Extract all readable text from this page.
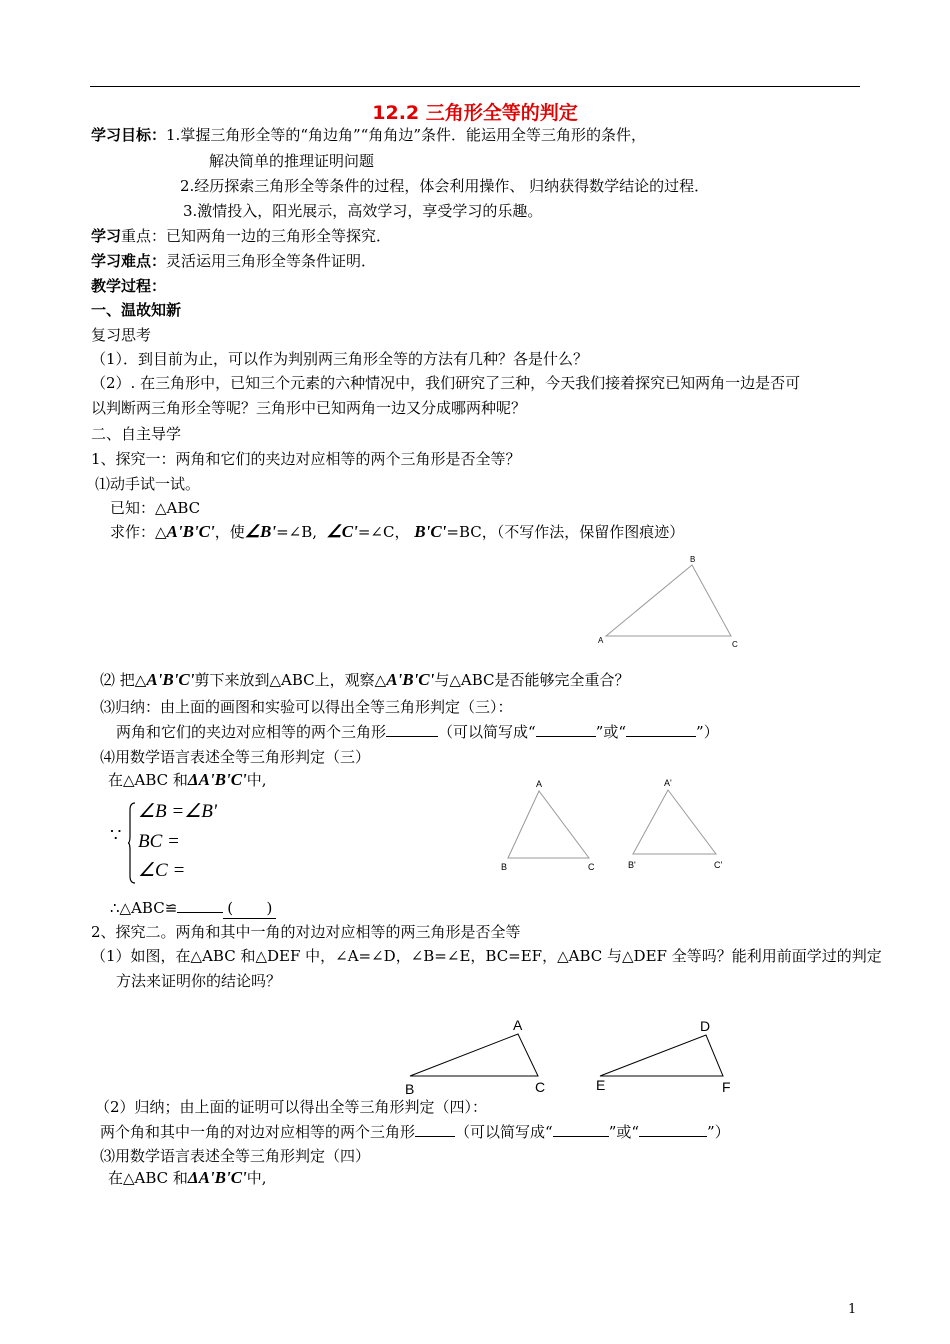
12.2 三角形全等的判定
学习目标：1.掌握三角形全等的“角边角”“角角边”条件．能运用全等三角形的条件，
解决简单的推理证明问题
2.经历探索三角形全等条件的过程，体会利用操作、 归纳获得数学结论的过程．
3.激情投入，阳光展示，高效学习，享受学习的乐趣。
学习重点：已知两角一边的三角形全等探究．
学习难点：灵活运用三角形全等条件证明．
教学过程：
一、温故知新
复习思考
（1）．到目前为止，可以作为判别两三角形全等的方法有几种？各是什么？
（2）. 在三角形中，已知三个元素的六种情况中，我们研究了三种，今天我们接着探究已知两角一边是否可
以判断两三角形全等呢？三角形中已知两角一边又分成哪两种呢？
二、自主导学
1、探究一：两角和它们的夹边对应相等的两个三角形是否全等？
⑴动手试一试。
已知：△ABC
求作：△A'B'C'，使∠B'=∠B, ∠C'=∠C， B'C'=BC，（不写作法，保留作图痕迹）
A
B
C
⑵ 把△A'B'C'剪下来放到△ABC上，观察△A'B'C'与△ABC是否能够完全重合？
⑶归纳：由上面的画图和实验可以得出全等三角形判定（三）：
两角和它们的夹边对应相等的两个三角形	（可以简写成“	”或“	”）
⑷用数学语言表述全等三角形判定（三）
在△ABC 和ΔA'B'C'中,
∵
∠B =∠B'
BC =
∠C =
A
B	C
A'
B'	C'
∴△ABC≌	( )
2、探究二。两角和其中一角的对边对应相等的两三角形是否全等
（1）如图，在△ABC 和△DEF 中，∠A=∠D，∠B=∠E，BC=EF，△ABC 与△DEF 全等吗？能利用前面学过的判定
方法来证明你的结论吗？
A
B	C
D
E	F
（2）归纳；由上面的证明可以得出全等三角形判定（四）：
两个角和其中一角的对边对应相等的两个三角形	（可以简写成“	”或“	”）
⑶用数学语言表述全等三角形判定（四）
在△ABC 和ΔA'B'C'中,
1
